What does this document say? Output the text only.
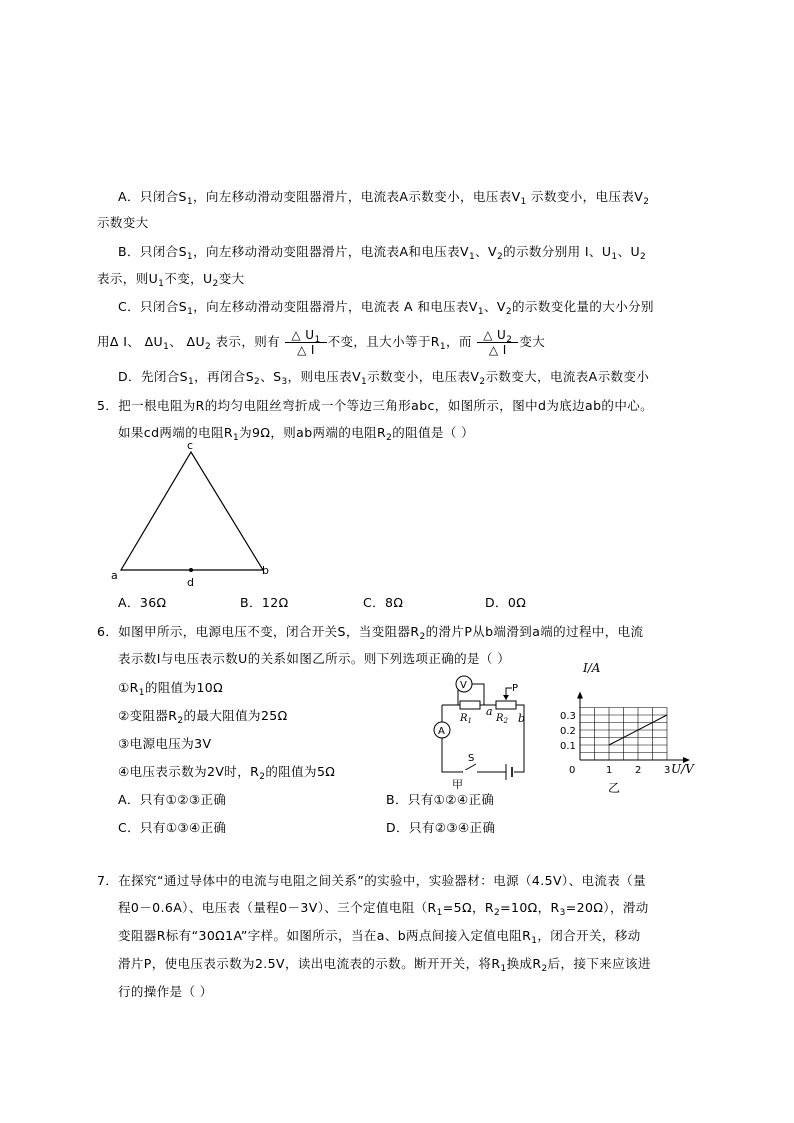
A．只闭合$S_1$，向左移动滑动变阻器滑片，电流表A示数变小，电压表$V_1$ 示数变小，电压表$V_2$
示数变大
B．只闭合$S_1$，向左移动滑动变阻器滑片，电流表A和电压表$V_1$、$V_2$的示数分别用 I、$U_1$、$U_2$
表示，则$U_1$不变，$U_2$变大
C．只闭合$S_1$，向左移动滑动变阻器滑片，电流表 A 和电压表$V_1$、$V_2$的示数变化量的大小分别
用Δ I、 $\Delta U_1$、 $\Delta U_2$ 表示，则有 $\frac{\triangle U_1}{\triangle I}$ 不变，且大小等于$R_1$，而 $\frac{\triangle U_2}{\triangle I}$ 变大
D．先闭合$S_1$，再闭合$S_2$、$S_3$，则电压表$V_1$示数变小，电压表$V_2$示数变大，电流表A示数变小
5．把一根电阻为R的均匀电阻丝弯折成一个等边三角形abc，如图所示，图中d为底边ab的中心。
如果cd两端的电阻$R_1$为9Ω，则ab两端的电阻$R_2$的阻值是（ ）
c
a	b
d
A．36Ω	B．12Ω	C．8Ω	D．0Ω
6．如图甲所示，电源电压不变，闭合开关S，当变阻器$R_2$的滑片P从b端滑到a端的过程中，电流
表示数I与电压表示数U的关系如图乙所示。则下列选项正确的是（ ）
$①R_1$的阻值为10Ω
②变阻器$R_2$的最大阻值为25Ω
③电源电压为3V
④电压表示数为2V时，$R_2$的阻值为5Ω
A．只有①②③正确	B．只有①②④正确
C．只有①③④正确	D．只有②③④正确
V
$R_1$ $R_2$
a
b
P
A
S
甲
0	1 2 3
0.1
0.2
0.3
I/A
U/V
乙
7．在探究“通过导体中的电流与电阻之间关系”的实验中，实验器材：电源（4.5V）、电流表（量
程0－0.6A）、电压表（量程0－3V）、三个定值电阻（$R_1=5\Omega$，$R_2=10\Omega$，$R_3=20\Omega$），滑动
变阻器R标有“30Ω1A”字样。如图所示，当在a、b两点间接入定值电阻$R_1$，闭合开关，移动
滑片P，使电压表示数为2.5V，读出电流表的示数。断开开关，将$R_1$换成$R_2$后，接下来应该进
行的操作是（ ）
